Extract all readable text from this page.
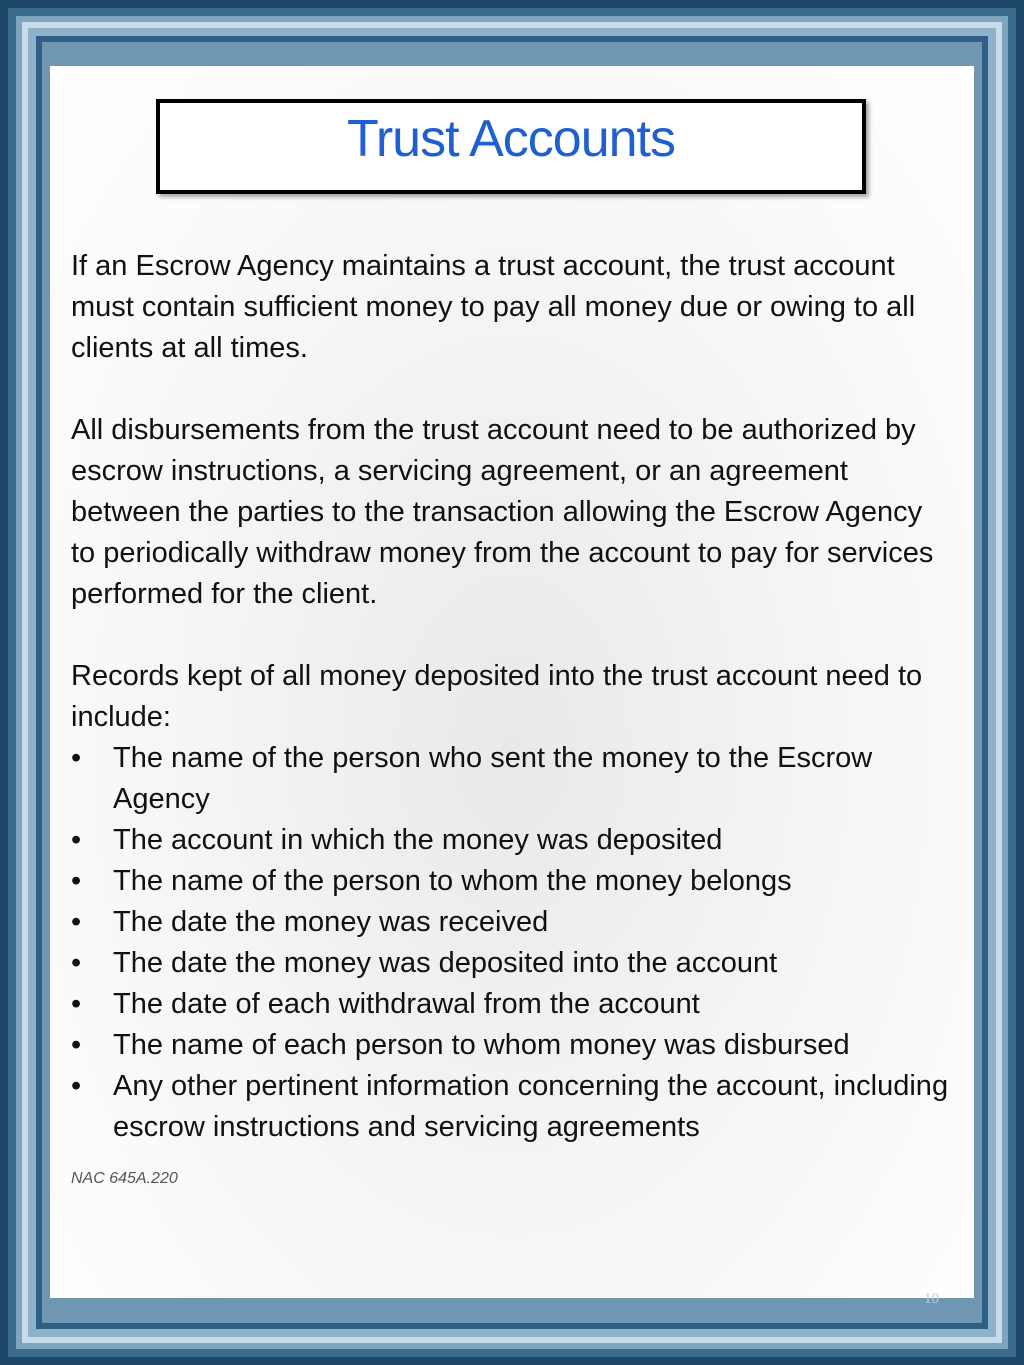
Trust Accounts

If an Escrow Agency maintains a trust account, the trust account must contain sufficient money to pay all money due or owing to all clients at all times.

All disbursements from the trust account need to be authorized by escrow instructions, a servicing agreement, or an agreement between the parties to the transaction allowing the Escrow Agency to periodically withdraw money from the account to pay for services performed for the client.

Records kept of all money deposited into the trust account need to include:

•	The name of the person who sent the money to the Escrow Agency
•	The account in which the money was deposited
•	The name of the person to whom the money belongs
•	The date the money was received
•	The date the money was deposited into the account
•	The date of each withdrawal from the account
•	The name of each person to whom money was disbursed
•	Any other pertinent information concerning the account, including escrow instructions and servicing agreements
NAC 645A.220
10
